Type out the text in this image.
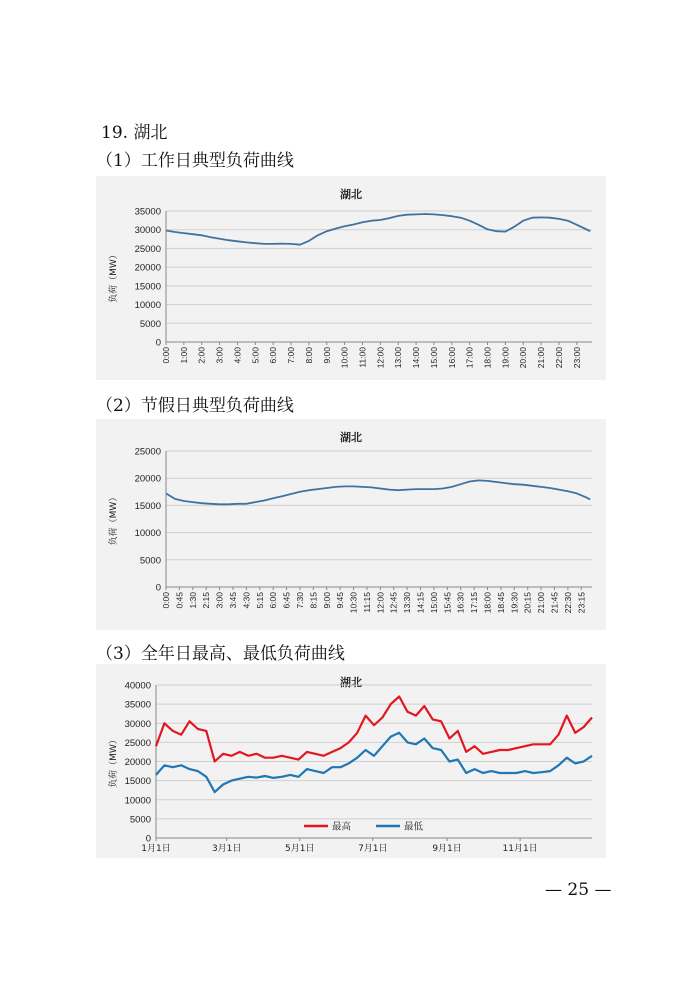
19. 湖北
（1）工作日典型负荷曲线
湖北
0
5000
10000
15000
20000
25000
30000
35000
负荷（MW）
0:00 1:00 2:00 3:00 4:00 5:00 6:00 7:00 8:00 9:00 10:00 11:00 12:00 13:00 14:00 15:00 16:00 17:00 18:00 19:00 20:00 21:00 22:00 23:00
（2）节假日典型负荷曲线
湖北
0
5000
10000
15000
20000
25000
负荷（MW）
0:00 0:45 1:30 2:15 3:00 3:45 4:30 5:15 6:00 6:45 7:30 8:15 9:00 9:45 10:30 11:15 12:00 12:45 13:30 14:15 15:00 15:45 16:30 17:15 18:00 18:45 19:30 20:15 21:00 21:45 22:30 23:15
（3）全年日最高、最低负荷曲线
湖北
0
5000
10000
15000
20000
25000
30000
35000
40000
负荷（MW）
1月1日	3月1日	5月1日	7月1日	9月1日	11月1日
最高	最低
— 25 —
